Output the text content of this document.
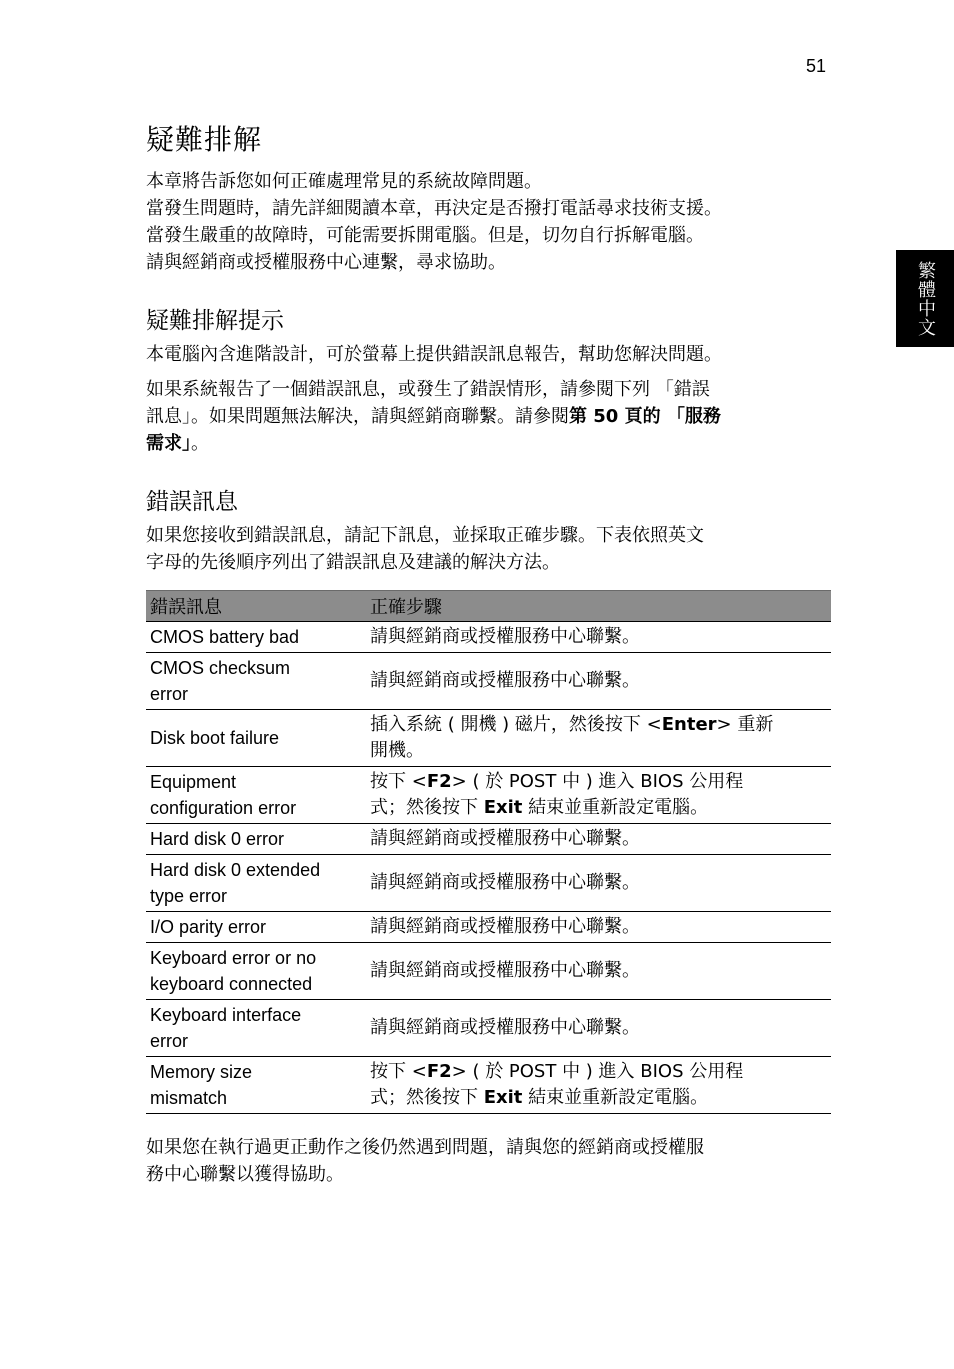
51
繁體中文
疑難排解

本章將告訴您如何正確處理常見的系統故障問題。

當發生問題時，請先詳細閱讀本章，再決定是否撥打電話尋求技術支援。

當發生嚴重的故障時，可能需要拆開電腦。但是，切勿自行拆解電腦。

請與經銷商或授權服務中心連繫，尋求協助。

疑難排解提示

本電腦內含進階設計，可於螢幕上提供錯誤訊息報告，幫助您解決問題。

如果系統報告了一個錯誤訊息，或發生了錯誤情形，請參閱下列 「錯誤

訊息」。如果問題無法解決，請與經銷商聯繫。請參閱第 50 頁的 「服務

需求」。

錯誤訊息

如果您接收到錯誤訊息，請記下訊息，並採取正確步驟。下表依照英文

字母的先後順序列出了錯誤訊息及建議的解決方法。

錯誤訊息	正確步驟
CMOS battery bad	請與經銷商或授權服務中心聯繫。
CMOS checksum
error	請與經銷商或授權服務中心聯繫。
Disk boot failure	插入系統 ( 開機 ) 磁片，然後按下 <Enter> 重新
開機。
Equipment
configuration error	按下 <F2> ( 於 POST 中 ) 進入 BIOS 公用程
式；然後按下 Exit 結束並重新設定電腦。
Hard disk 0 error	請與經銷商或授權服務中心聯繫。
Hard disk 0 extended
type error	請與經銷商或授權服務中心聯繫。
I/O parity error	請與經銷商或授權服務中心聯繫。
Keyboard error or no
keyboard connected	請與經銷商或授權服務中心聯繫。
Keyboard interface
error	請與經銷商或授權服務中心聯繫。
Memory size
mismatch	按下 <F2> ( 於 POST 中 ) 進入 BIOS 公用程
式；然後按下 Exit 結束並重新設定電腦。

如果您在執行過更正動作之後仍然遇到問題，請與您的經銷商或授權服

務中心聯繫以獲得協助。
